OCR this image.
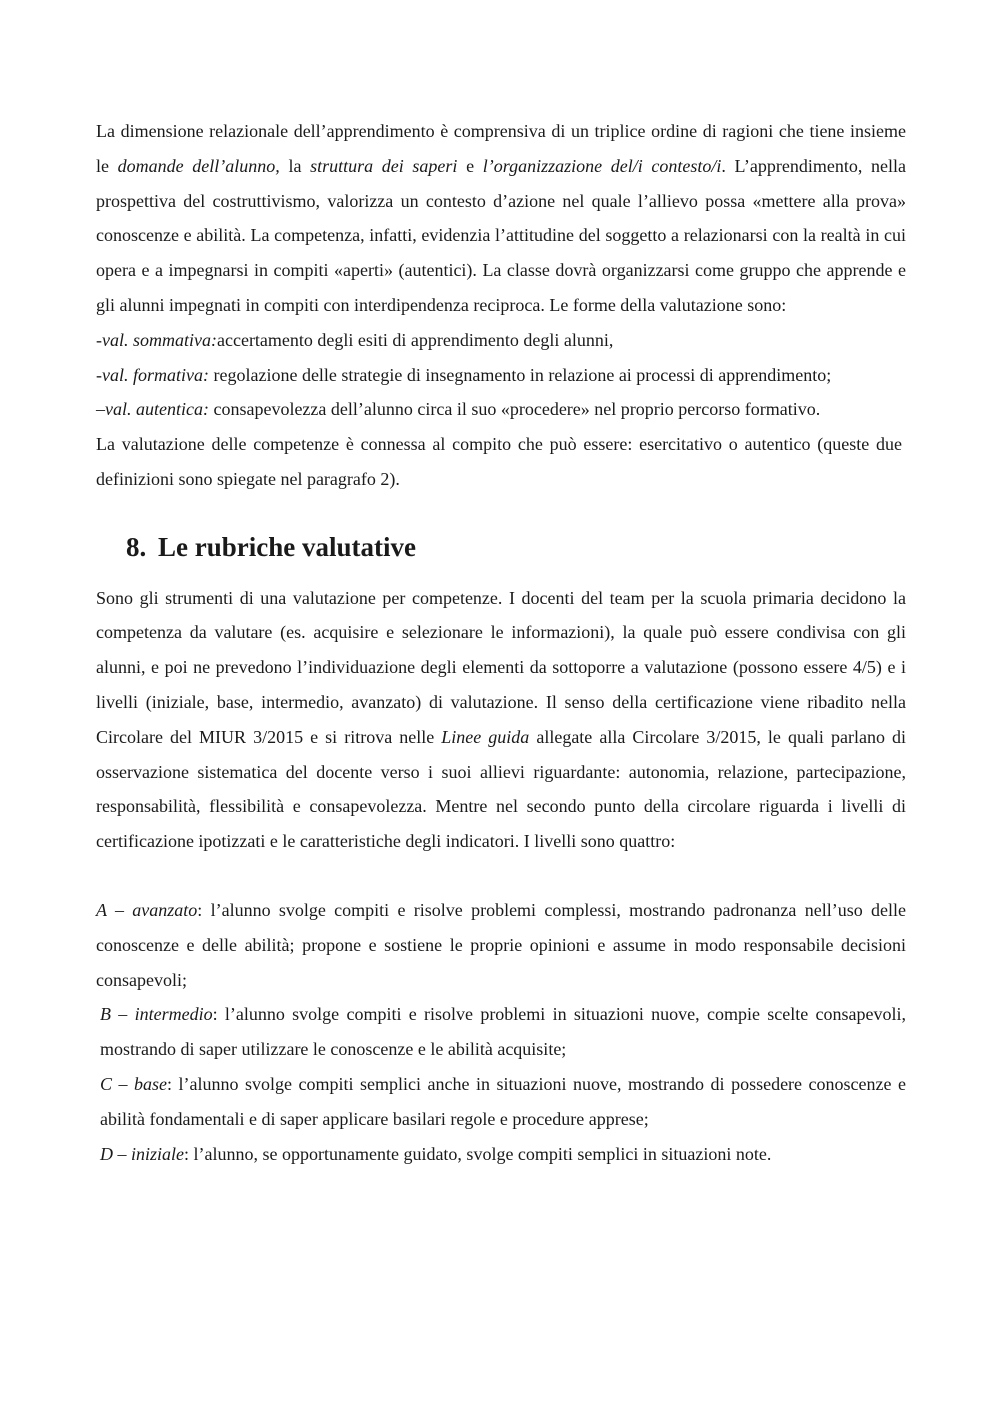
La dimensione relazionale dell’apprendimento è comprensiva di un triplice ordine di ragioni che tiene insieme le domande dell’alunno, la struttura dei saperi e l’organizzazione del/i contesto/i. L’apprendimento, nella prospettiva del costruttivismo, valorizza un contesto d’azione nel quale l’allievo possa «mettere alla prova» conoscenze e abilità. La competenza, infatti, evidenzia l’attitudine del soggetto a relazionarsi con la realtà in cui opera e a impegnarsi in compiti «aperti» (autentici). La classe dovrà organizzarsi come gruppo che apprende e gli alunni impegnati in compiti con interdipendenza reciproca. Le forme della valutazione sono:

-val. sommativa:accertamento degli esiti di apprendimento degli alunni,

-val. formativa: regolazione delle strategie di insegnamento in relazione ai processi di apprendimento;

–val. autentica: consapevolezza dell’alunno circa il suo «procedere» nel proprio percorso formativo.

La valutazione delle competenze è connessa al compito che può essere: esercitativo o autentico (queste due definizioni sono spiegate nel paragrafo 2).

8. Le rubriche valutative

Sono gli strumenti di una valutazione per competenze. I docenti del team per la scuola primaria decidono la competenza da valutare (es. acquisire e selezionare le informazioni), la quale può essere condivisa con gli alunni, e poi ne prevedono l’individuazione degli elementi da sottoporre a valutazione (possono essere 4/5) e i livelli (iniziale, base, intermedio, avanzato) di valutazione. Il senso della certificazione viene ribadito nella Circolare del MIUR 3/2015 e si ritrova nelle Linee guida allegate alla Circolare 3/2015, le quali parlano di osservazione sistematica del docente verso i suoi allievi riguardante: autonomia, relazione, partecipazione, responsabilità, flessibilità e consapevolezza. Mentre nel secondo punto della circolare riguarda i livelli di certificazione ipotizzati e le caratteristiche degli indicatori. I livelli sono quattro:

A – avanzato: l’alunno svolge compiti e risolve problemi complessi, mostrando padronanza nell’uso delle conoscenze e delle abilità; propone e sostiene le proprie opinioni e assume in modo responsabile decisioni consapevoli;

B – intermedio: l’alunno svolge compiti e risolve problemi in situazioni nuove, compie scelte consapevoli, mostrando di saper utilizzare le conoscenze e le abilità acquisite;

C – base: l’alunno svolge compiti semplici anche in situazioni nuove, mostrando di possedere conoscenze e abilità fondamentali e di saper applicare basilari regole e procedure apprese;

D – iniziale: l’alunno, se opportunamente guidato, svolge compiti semplici in situazioni note.
